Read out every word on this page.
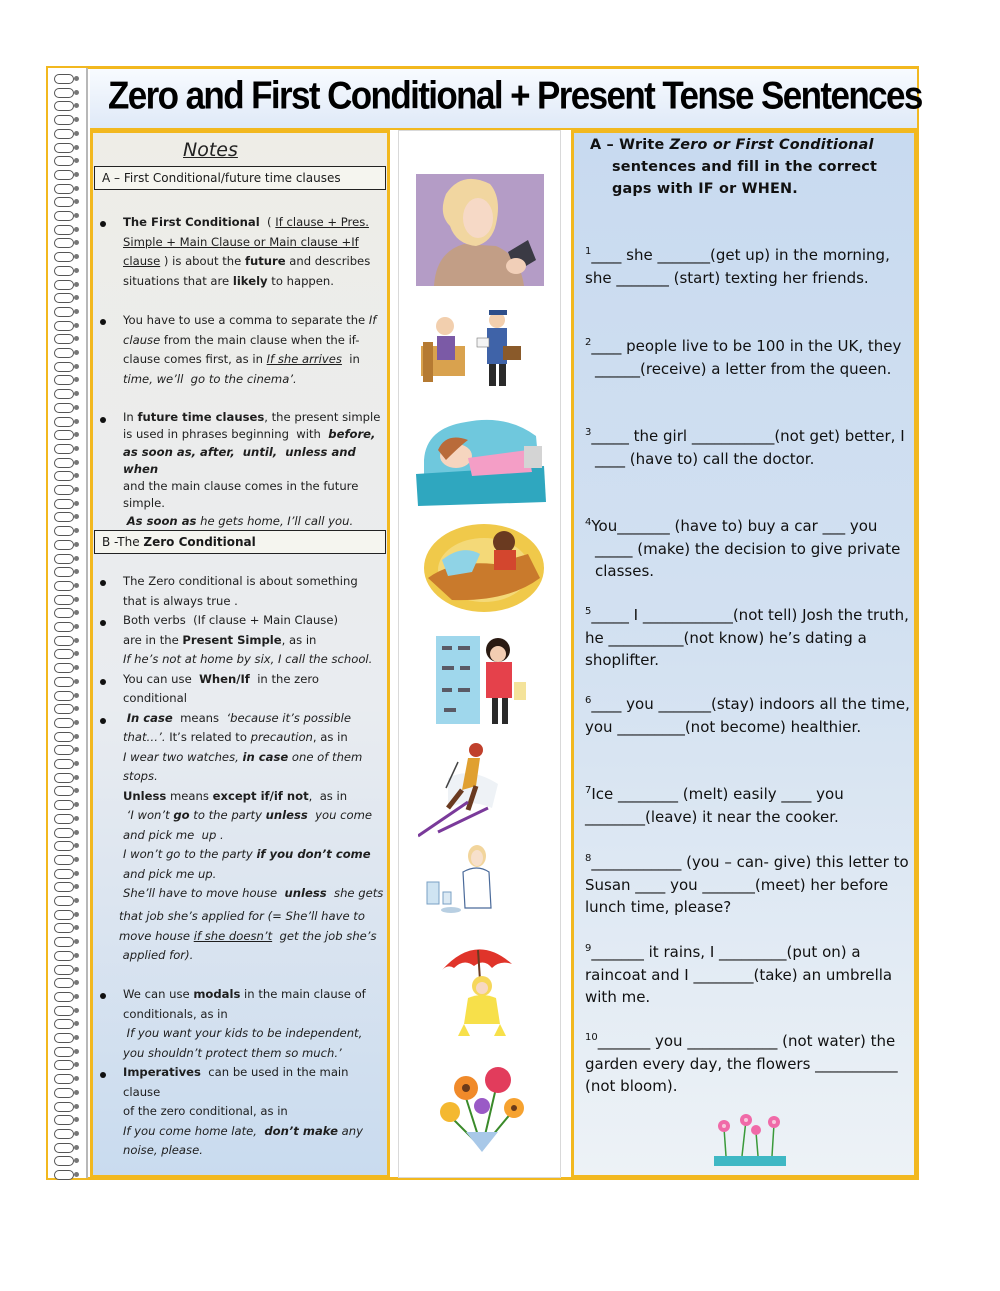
Zero and First Conditional + Present Tense Sentences
Notes
A – First Conditional/future time clauses
The First Conditional  ( If clause + Pres.
Simple + Main Clause or Main clause +If
clause ) is about the future and describes
situations that are likely to happen.
You have to use a comma to separate the If
clause from the main clause when the if-
clause comes first, as in If she arrives  in
time, we’ll  go to the cinema’.
In future time clauses, the present simple
is used in phrases beginning  with  before,
as soon as, after,  until,  unless and when
and the main clause comes in the future
simple.
As soon as he gets home, I’ll call you.
B -The Zero Conditional
The Zero conditional is about something
that is always true .
Both verbs  (If clause + Main Clause)
are in the Present Simple, as in
If he’s not at home by six, I call the school.
You can use  When/If  in the zero
conditional
In case  means  ‘because it’s possible
that…’. It’s related to precaution, as in
I wear two watches, in case one of them
stops.
Unless means except if/if not,  as in
‘I won’t go to the party unless  you come
and pick me  up .
I won’t go to the party if you don’t come
and pick me up.
She’ll have to move house  unless  she gets
that job she’s applied for (= She’ll have to
move house if she doesn’t  get the job she’s
applied for).
We can use modals in the main clause of
conditionals, as in
If you want your kids to be independent,
you shouldn’t protect them so much.’
Imperatives  can be used in the main clause
of the zero conditional, as in
If you come home late,  don’t make any
noise, please.
A – Write Zero or First Conditional

sentences and fill in the correct gaps with IF or WHEN.
$^1$____ she _______(get up) in the morning, she _______ (start) texting her friends.
$^2$____ people live to be 100 in the UK, they ______(receive) a letter from the queen.
$^3$_____ the girl ___________(not get) better, I ____ (have to) call the doctor.
$^4$You_______ (have to) buy a car ___ you _____ (make) the decision to give private classes.
$^5$_____ I ____________(not tell) Josh the truth, he __________(not know) he’s dating a shoplifter.
$^6$____ you _______(stay) indoors all the time, you _________(not become) healthier.
$^7$Ice ________ (melt) easily ____ you ________(leave) it near the cooker.
$^8$____________ (you – can- give) this letter to Susan ____ you _______(meet) her before lunch time, please?
$^9$_______ it rains, I _________(put on) a raincoat and I ________(take) an umbrella with me.
$^{10}$_______ you ____________ (not water) the garden every day, the flowers ___________ (not bloom).
